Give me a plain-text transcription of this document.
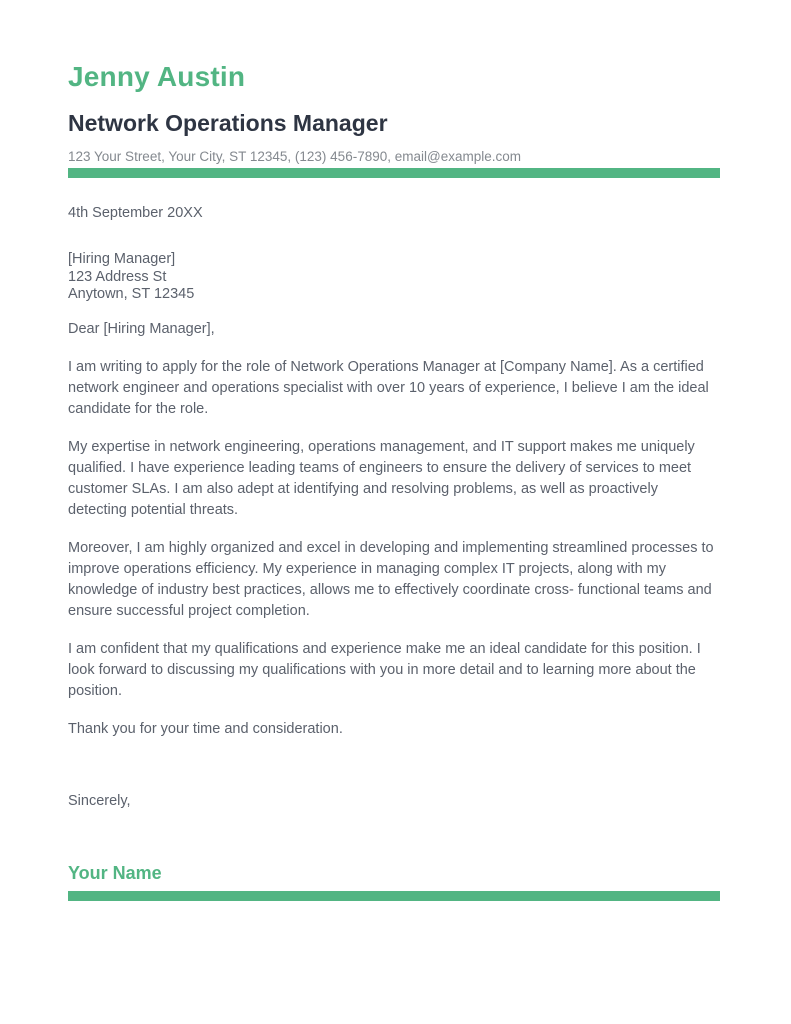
Jenny Austin
Network Operations Manager
123 Your Street, Your City, ST 12345, (123) 456-7890, email@example.com
4th September 20XX
[Hiring Manager]
123 Address St
Anytown, ST 12345
Dear [Hiring Manager],

I am writing to apply for the role of Network Operations Manager at [Company Name]. As a certified network engineer and operations specialist with over 10 years of experience, I believe I am the ideal candidate for the role.

My expertise in network engineering, operations management, and IT support makes me uniquely qualified. I have experience leading teams of engineers to ensure the delivery of services to meet customer SLAs. I am also adept at identifying and resolving problems, as well as proactively detecting potential threats.

Moreover, I am highly organized and excel in developing and implementing streamlined processes to improve operations efficiency. My experience in managing complex IT projects, along with my knowledge of industry best practices, allows me to effectively coordinate cross- functional teams and ensure successful project completion.

I am confident that my qualifications and experience make me an ideal candidate for this position. I look forward to discussing my qualifications with you in more detail and to learning more about the position.

Thank you for your time and consideration.

Sincerely,
Your Name
